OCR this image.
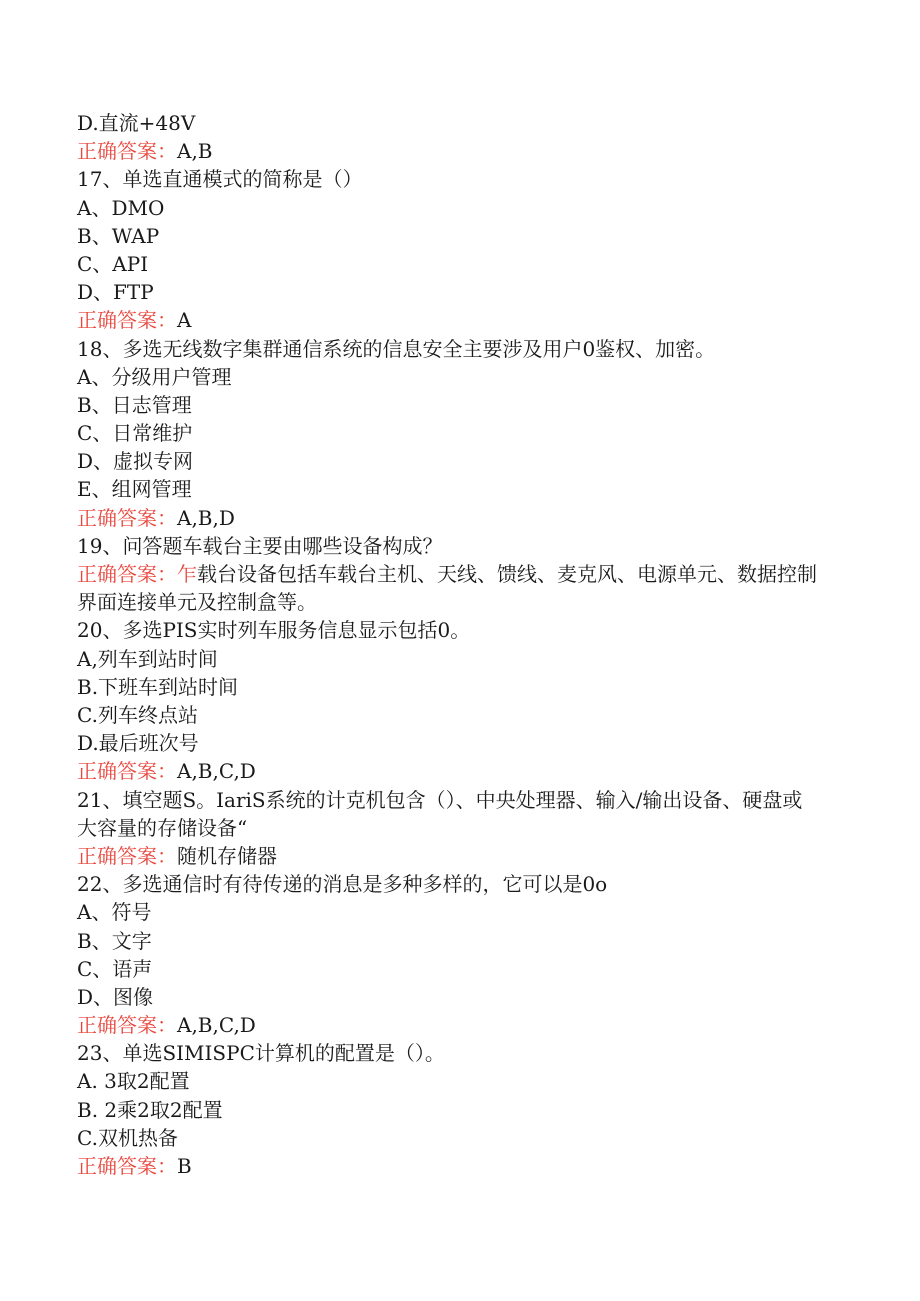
D.直流+48V
正确答案：A,B
17、单选直通模式的简称是（）
A、DMO
B、WAP
C、API
D、FTP
正确答案：A
18、多选无线数字集群通信系统的信息安全主要涉及用户0鉴权、加密。
A、分级用户管理
B、日志管理
C、日常维护
D、虚拟专网
E、组网管理
正确答案：A,B,D
19、问答题车载台主要由哪些设备构成？
正确答案：乍载台设备包括车载台主机、天线、馈线、麦克风、电源单元、数据控制界面连接单元及控制盒等。
20、多选PIS实时列车服务信息显示包括0。
A,列车到站时间
B.下班车到站时间
C.列车终点站
D.最后班次号
正确答案：A,B,C,D
21、填空题S。IariS系统的计克机包含（）、中央处理器、输入/输出设备、硬盘或大容量的存储设备“
正确答案：随机存储器
22、多选通信时有待传递的消息是多种多样的，它可以是0o
A、符号
B、文字
C、语声
D、图像
正确答案：A,B,C,D
23、单选SIMISPC计算机的配置是（）。
A. 3取2配置
B. 2乘2取2配置
C.双机热备
正确答案：B
